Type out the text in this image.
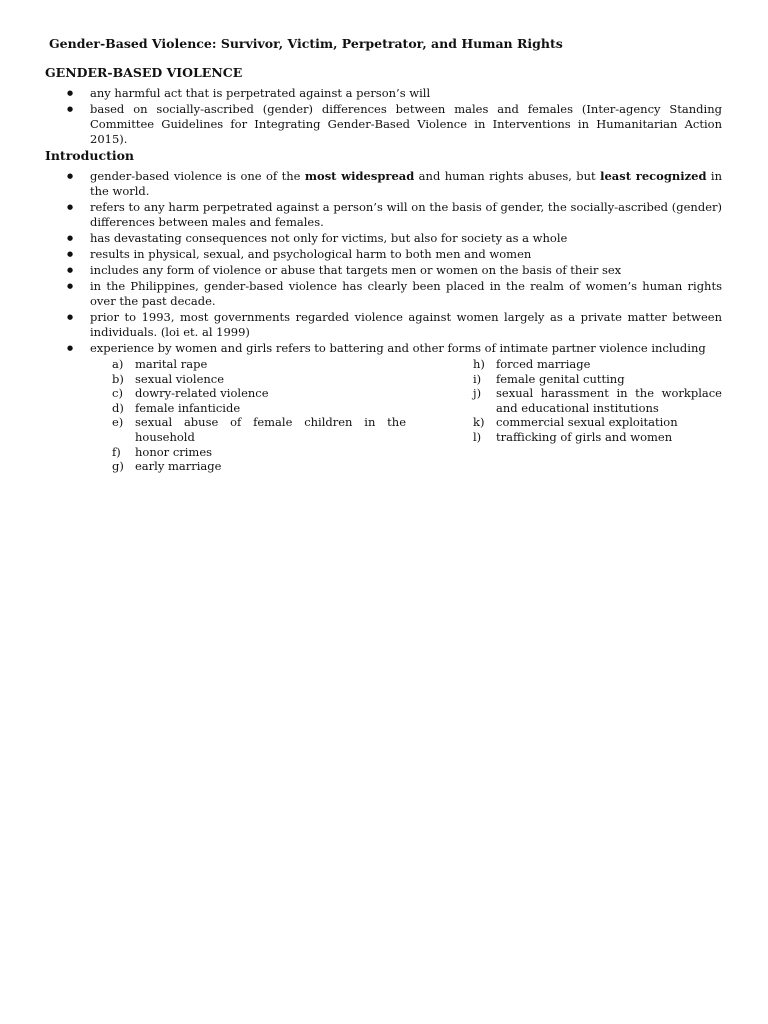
Gender-Based Violence: Survivor, Victim, Perpetrator, and Human Rights
GENDER-BASED VIOLENCE
● any harmful act that is perpetrated against a person’s will
● based on socially-ascribed (gender) differences between males and females (Inter-agency Standing Committee Guidelines for Integrating Gender-Based Violence in Interventions in Humanitarian Action 2015).
Introduction
● gender-based violence is one of the most widespread and human rights abuses, but least recognized in the world.
● refers to any harm perpetrated against a person’s will on the basis of gender, the socially-ascribed (gender) differences between males and females.
● has devastating consequences not only for victims, but also for society as a whole
● results in physical, sexual, and psychological harm to both men and women
● includes any form of violence or abuse that targets men or women on the basis of their sex
● in the Philippines, gender-based violence has clearly been placed in the realm of women’s human rights over the past decade.
● prior to 1993, most governments regarded violence against women largely as a private matter between individuals. (loi et. al 1999)
● experience by women and girls refers to battering and other forms of intimate partner violence including
a)	marital rape
b) sexual violence
c)	dowry-related violence
d) female infanticide
e)	sexual abuse of female children in the household
f)	honor crimes
g) early marriage
h) forced marriage
i)	female genital cutting
j)	sexual harassment in the workplace and educational institutions
k)	commercial sexual exploitation
l)	trafficking of girls and women
